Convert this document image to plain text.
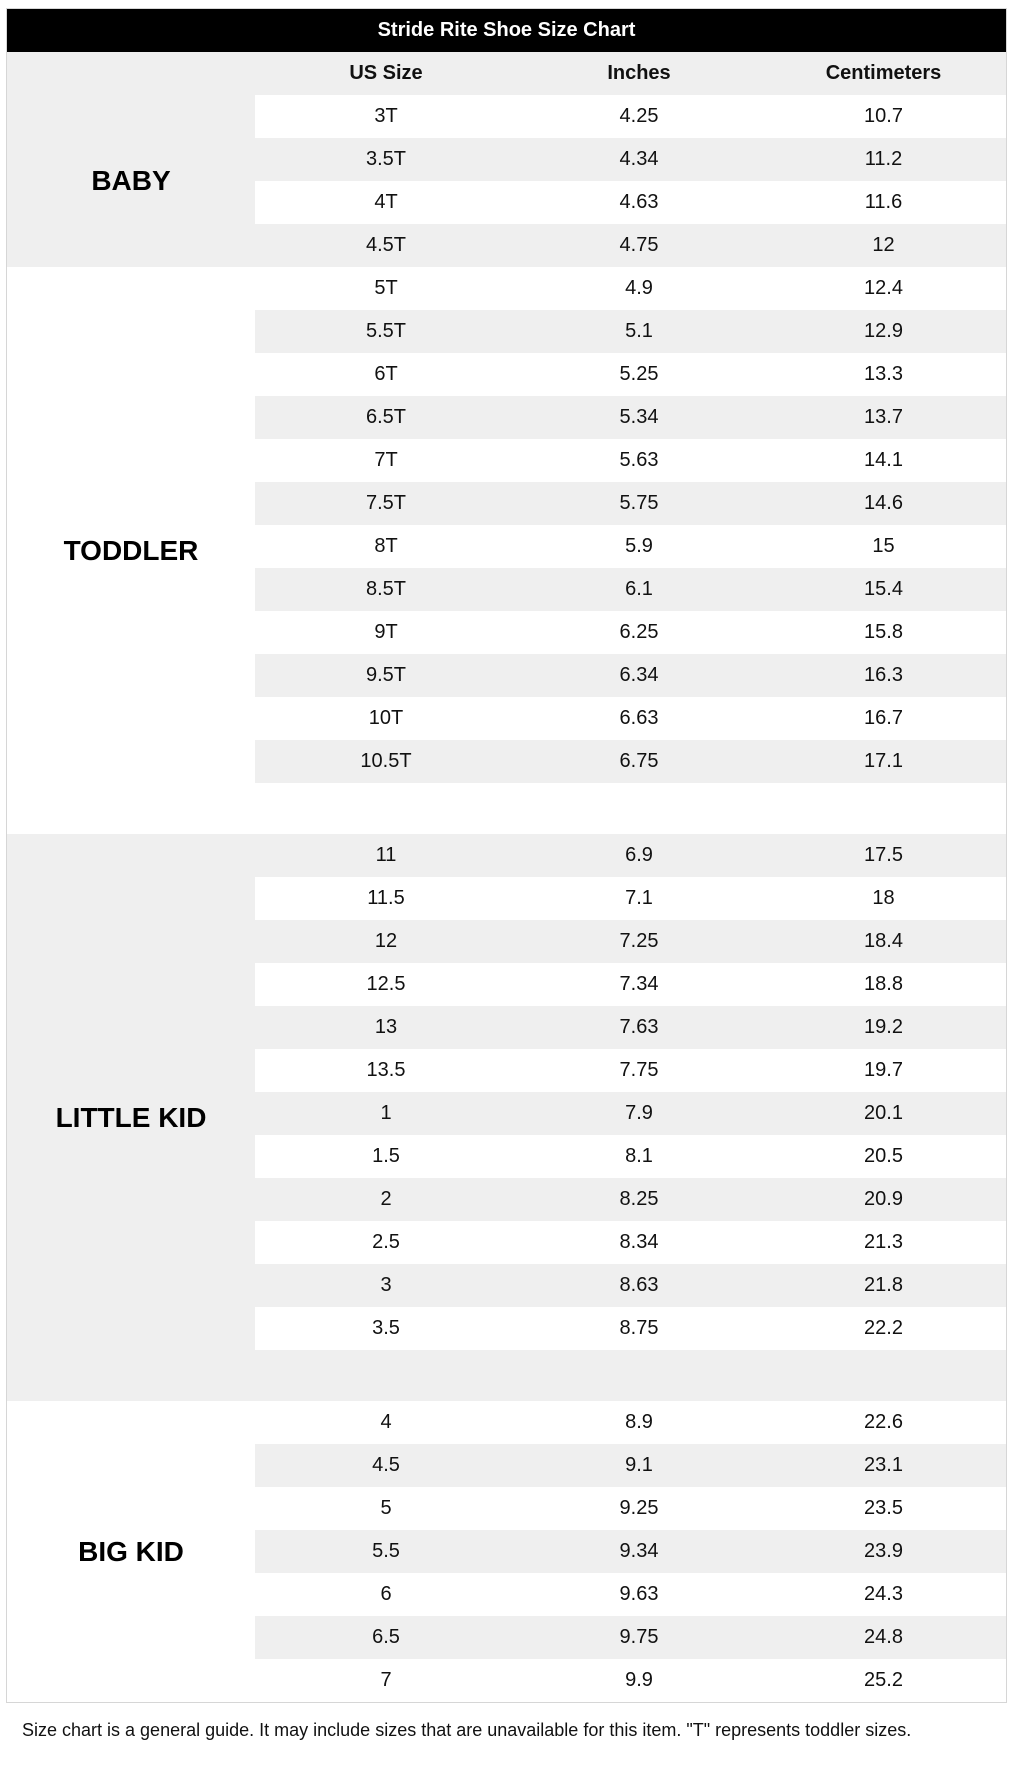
Stride Rite Shoe Size Chart
US Size	Inches	Centimeters
BABY
3T	4.25	10.7
3.5T	4.34	11.2
4T	4.63	11.6
4.5T	4.75	12
TODDLER
5T	4.9	12.4
5.5T	5.1	12.9
6T	5.25	13.3
6.5T	5.34	13.7
7T	5.63	14.1
7.5T	5.75	14.6
8T	5.9	15
8.5T	6.1	15.4
9T	6.25	15.8
9.5T	6.34	16.3
10T	6.63	16.7
10.5T	6.75	17.1
LITTLE KID
11	6.9	17.5
11.5	7.1	18
12	7.25	18.4
12.5	7.34	18.8
13	7.63	19.2
13.5	7.75	19.7
1	7.9	20.1
1.5	8.1	20.5
2	8.25	20.9
2.5	8.34	21.3
3	8.63	21.8
3.5	8.75	22.2
BIG KID
4	8.9	22.6
4.5	9.1	23.1
5	9.25	23.5
5.5	9.34	23.9
6	9.63	24.3
6.5	9.75	24.8
7	9.9	25.2
Size chart is a general guide. It may include sizes that are unavailable for this item. "T" represents toddler sizes.
